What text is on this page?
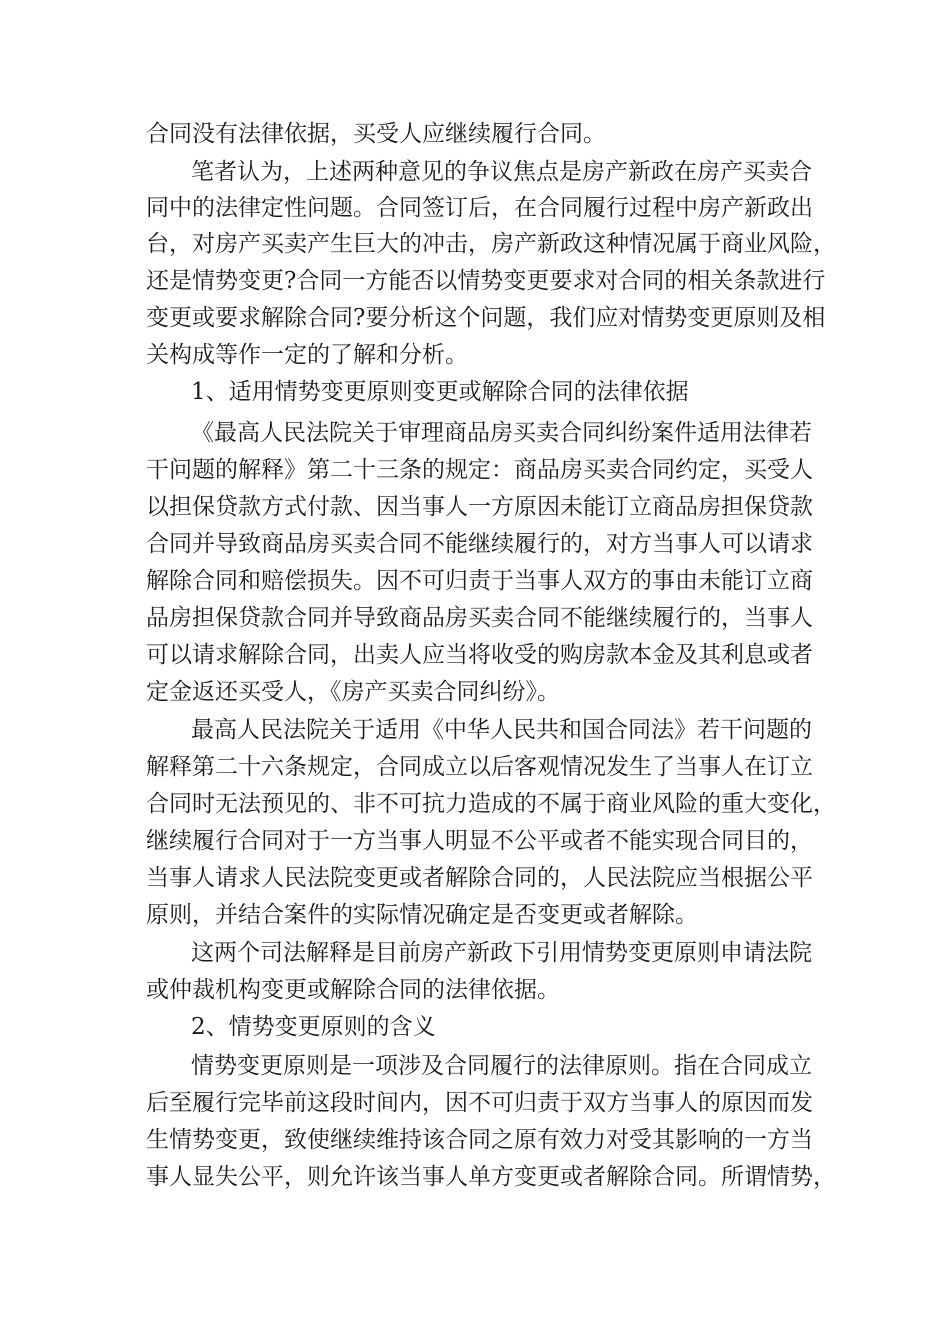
合同没有法律依据，买受人应继续履行合同。
笔者认为，上述两种意见的争议焦点是房产新政在房产买卖合
同中的法律定性问题。合同签订后，在合同履行过程中房产新政出
台，对房产买卖产生巨大的冲击，房产新政这种情况属于商业风险，
还是情势变更?合同一方能否以情势变更要求对合同的相关条款进行
变更或要求解除合同?要分析这个问题，我们应对情势变更原则及相
关构成等作一定的了解和分析。
1、适用情势变更原则变更或解除合同的法律依据
《最高人民法院关于审理商品房买卖合同纠纷案件适用法律若
干问题的解释》第二十三条的规定：商品房买卖合同约定，买受人
以担保贷款方式付款、因当事人一方原因未能订立商品房担保贷款
合同并导致商品房买卖合同不能继续履行的，对方当事人可以请求
解除合同和赔偿损失。因不可归责于当事人双方的事由未能订立商
品房担保贷款合同并导致商品房买卖合同不能继续履行的，当事人
可以请求解除合同，出卖人应当将收受的购房款本金及其利息或者
定金返还买受人，《房产买卖合同纠纷》。
最高人民法院关于适用《中华人民共和国合同法》若干问题的
解释第二十六条规定，合同成立以后客观情况发生了当事人在订立
合同时无法预见的、非不可抗力造成的不属于商业风险的重大变化，
继续履行合同对于一方当事人明显不公平或者不能实现合同目的，
当事人请求人民法院变更或者解除合同的，人民法院应当根据公平
原则，并结合案件的实际情况确定是否变更或者解除。
这两个司法解释是目前房产新政下引用情势变更原则申请法院
或仲裁机构变更或解除合同的法律依据。
2、情势变更原则的含义
情势变更原则是一项涉及合同履行的法律原则。指在合同成立
后至履行完毕前这段时间内，因不可归责于双方当事人的原因而发
生情势变更，致使继续维持该合同之原有效力对受其影响的一方当
事人显失公平，则允许该当事人单方变更或者解除合同。所谓情势，
